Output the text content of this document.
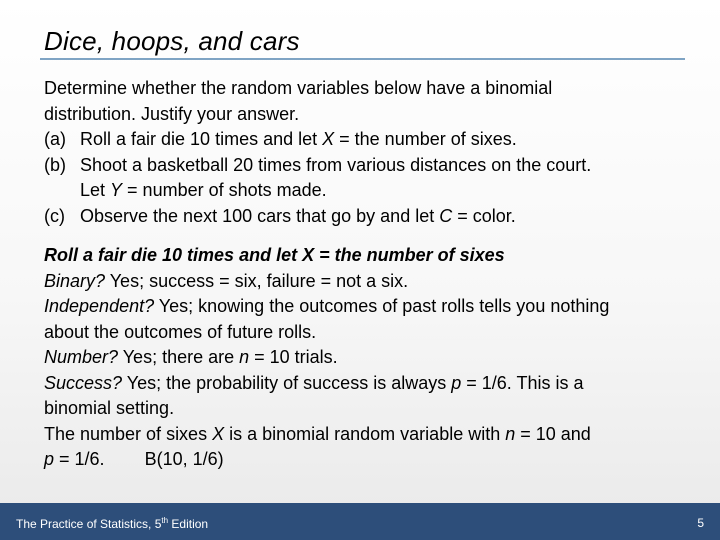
Dice, hoops, and cars
Determine whether the random variables below have a binomial
distribution. Justify your answer.
(a) Roll a fair die 10 times and let X = the number of sixes.
(b) Shoot a basketball 20 times from various distances on the court.
Let Y = number of shots made.
(c) Observe the next 100 cars that go by and let C = color.
Roll a fair die 10 times and let X = the number of sixes
Binary? Yes; success = six, failure = not a six.
Independent? Yes; knowing the outcomes of past rolls tells you nothing
about the outcomes of future rolls.
Number? Yes; there are n = 10 trials.
Success? Yes; the probability of success is always p = 1/6. This is a
binomial setting.
The number of sixes X is a binomial random variable with n = 10 and
p = 1/6. B(10, 1/6)
The Practice of Statistics, 5th Edition	5
